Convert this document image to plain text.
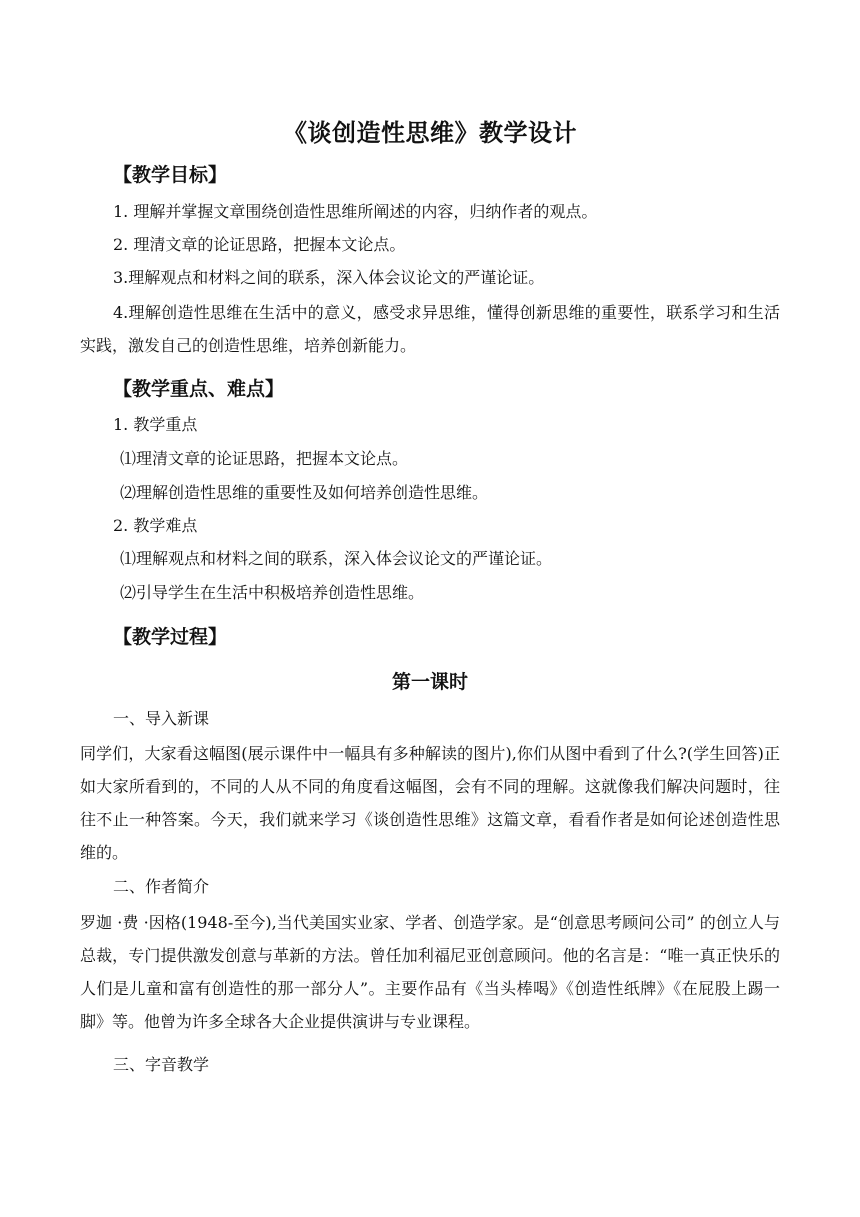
《谈创造性思维》教学设计
【教学目标】
1. 理解并掌握文章围绕创造性思维所阐述的内容，归纳作者的观点。
2. 理清文章的论证思路，把握本文论点。
3.理解观点和材料之间的联系，深入体会议论文的严谨论证。
4.理解创造性思维在生活中的意义，感受求异思维，懂得创新思维的重要性，联系学习和生活实践，激发自己的创造性思维，培养创新能力。
【教学重点、难点】
1. 教学重点
⑴理清文章的论证思路，把握本文论点。
⑵理解创造性思维的重要性及如何培养创造性思维。
2. 教学难点
⑴理解观点和材料之间的联系，深入体会议论文的严谨论证。
⑵引导学生在生活中积极培养创造性思维。
【教学过程】
第一课时
一、导入新课
同学们，大家看这幅图(展示课件中一幅具有多种解读的图片),你们从图中看到了什么?(学生回答)正如大家所看到的，不同的人从不同的角度看这幅图，会有不同的理解。这就像我们解决问题时，往往不止一种答案。今天，我们就来学习《谈创造性思维》这篇文章，看看作者是如何论述创造性思维的。
二、作者简介
罗迦 ·费 ·因格(1948-至今),当代美国实业家、学者、创造学家。是“创意思考顾问公司” 的创立人与总裁，专门提供激发创意与革新的方法。曾任加利福尼亚创意顾问。他的名言是：“唯一真正快乐的人们是儿童和富有创造性的那一部分人”。主要作品有《当头棒喝》《创造性纸牌》《在屁股上踢一脚》等。他曾为许多全球各大企业提供演讲与专业课程。
三、字音教学
